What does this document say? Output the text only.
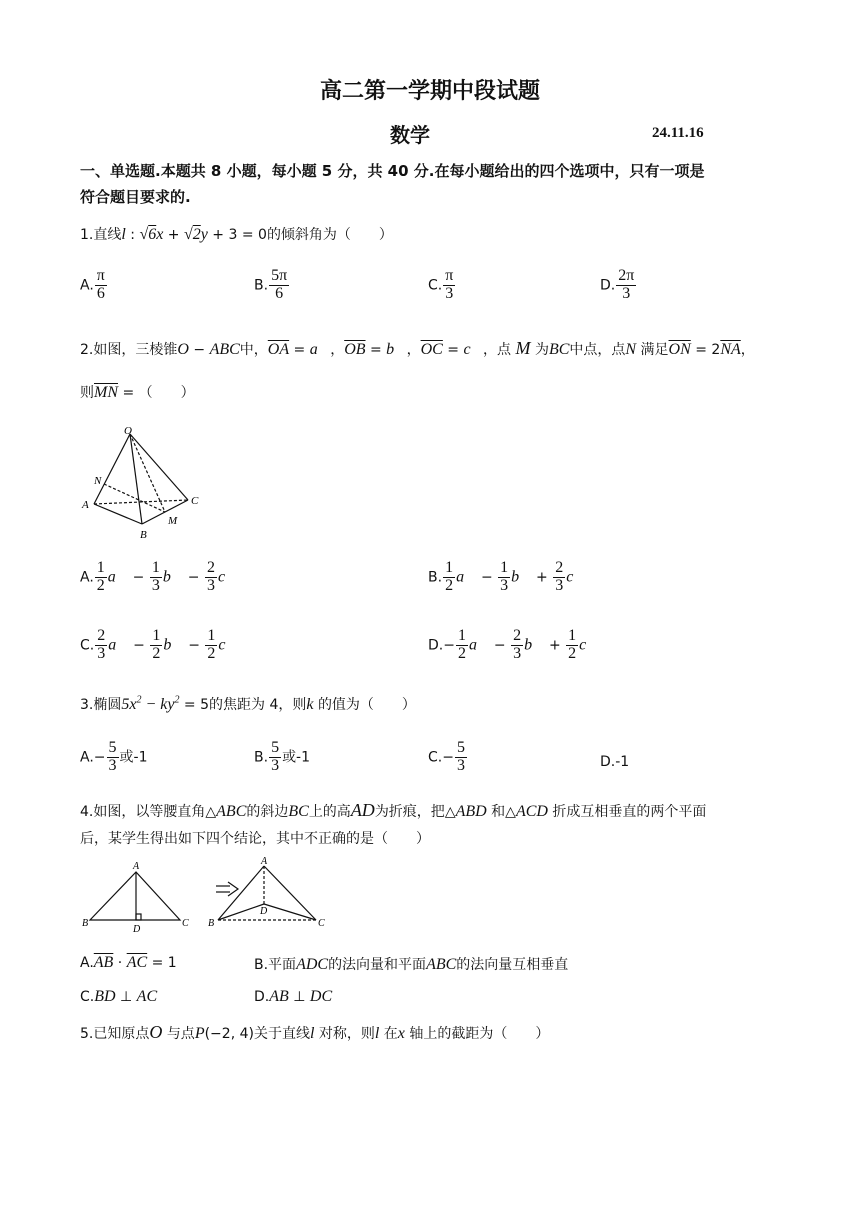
高二第一学期中段试题
数学	24.11.16
一、单选题.本题共 8 小题，每小题 5 分，共 40 分.在每小题给出的四个选项中，只有一项是
符合题目要求的.
1.直线l : √6x + √2y + 3 = 0的倾斜角为（　　）
A. $\frac{\pi}{6}$	B. $\frac{5\pi}{6}$	C. $\frac{\pi}{3}$	D. $\frac{2\pi}{3}$
2.如图，三棱锥O − ABC中，$\overline{OA}$ = a⃗，$\overline{OB}$ = b⃗，$\overline{OC}$ = c⃗，点 M 为BC中点，点N 满足$\overline{ON} = 2\overline{NA}$，
则$\overline{MN}$ = （　　）
O
N
A	C
B
M
A. $\frac{1}{2}$ a⃗ − $\frac{1}{3}$ b⃗ − $\frac{2}{3}$ c⃗	B. $\frac{1}{2}$ a⃗ − $\frac{1}{3}$ b⃗ + $\frac{2}{3}$ c⃗
C. $\frac{2}{3}$ a⃗ − $\frac{1}{2}$ b⃗ − $\frac{1}{2}$ c⃗	$D.- \frac{1}{2}$ a⃗ − $\frac{2}{3}$ b⃗ + $\frac{1}{2}$ c⃗
3.椭圆$5x^2 - ky^2 = 5$的焦距为 4，则k 的值为（　　）
$A.- \frac{5}{3}$ 或-1	B. $\frac{5}{3}$ 或-1	$C.- \frac{5}{3}$	D.-1
4.如图，以等腰直角△ABC的斜边BC上的高AD为折痕，把△ABD 和△ACD 折成互相垂直的两个平面
后，某学生得出如下四个结论，其中不正确的是（　　）
A
B
D
C
A
B
D
C
$A.\overline{AB} \cdot \overline{AC} = 1$	B.平面ADC的法向量和平面ABC的法向量互相垂直
C.BD ⊥ AC	D.AB ⊥ DC
5.已知原点O 与点P(−2, 4)关于直线l 对称，则l 在x 轴上的截距为（　　）
